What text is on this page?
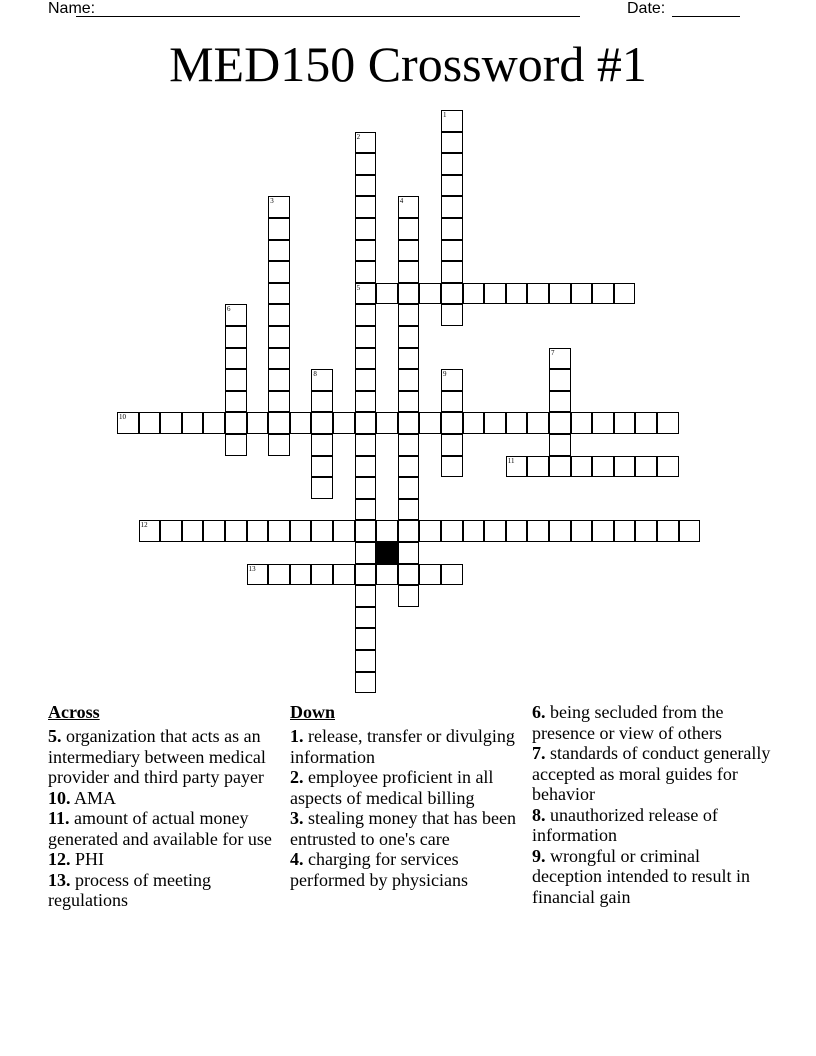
Name:	Date:
MED150 Crossword #1
1
2
5
3	4
6
7
8	9
10
11
12
13
Across

5. organization that acts as an intermediary between medical provider and third party payer

10. AMA

11. amount of actual money generated and available for use

12. PHI

13. process of meeting regulations

Down

1. release, transfer or divulging information

2. employee proficient in all aspects of medical billing

3. stealing money that has been entrusted to one's care

4. charging for services performed by physicians

6. being secluded from the presence or view of others

7. standards of conduct generally accepted as moral guides for behavior

8. unauthorized release of information

9. wrongful or criminal deception intended to result in financial gain
